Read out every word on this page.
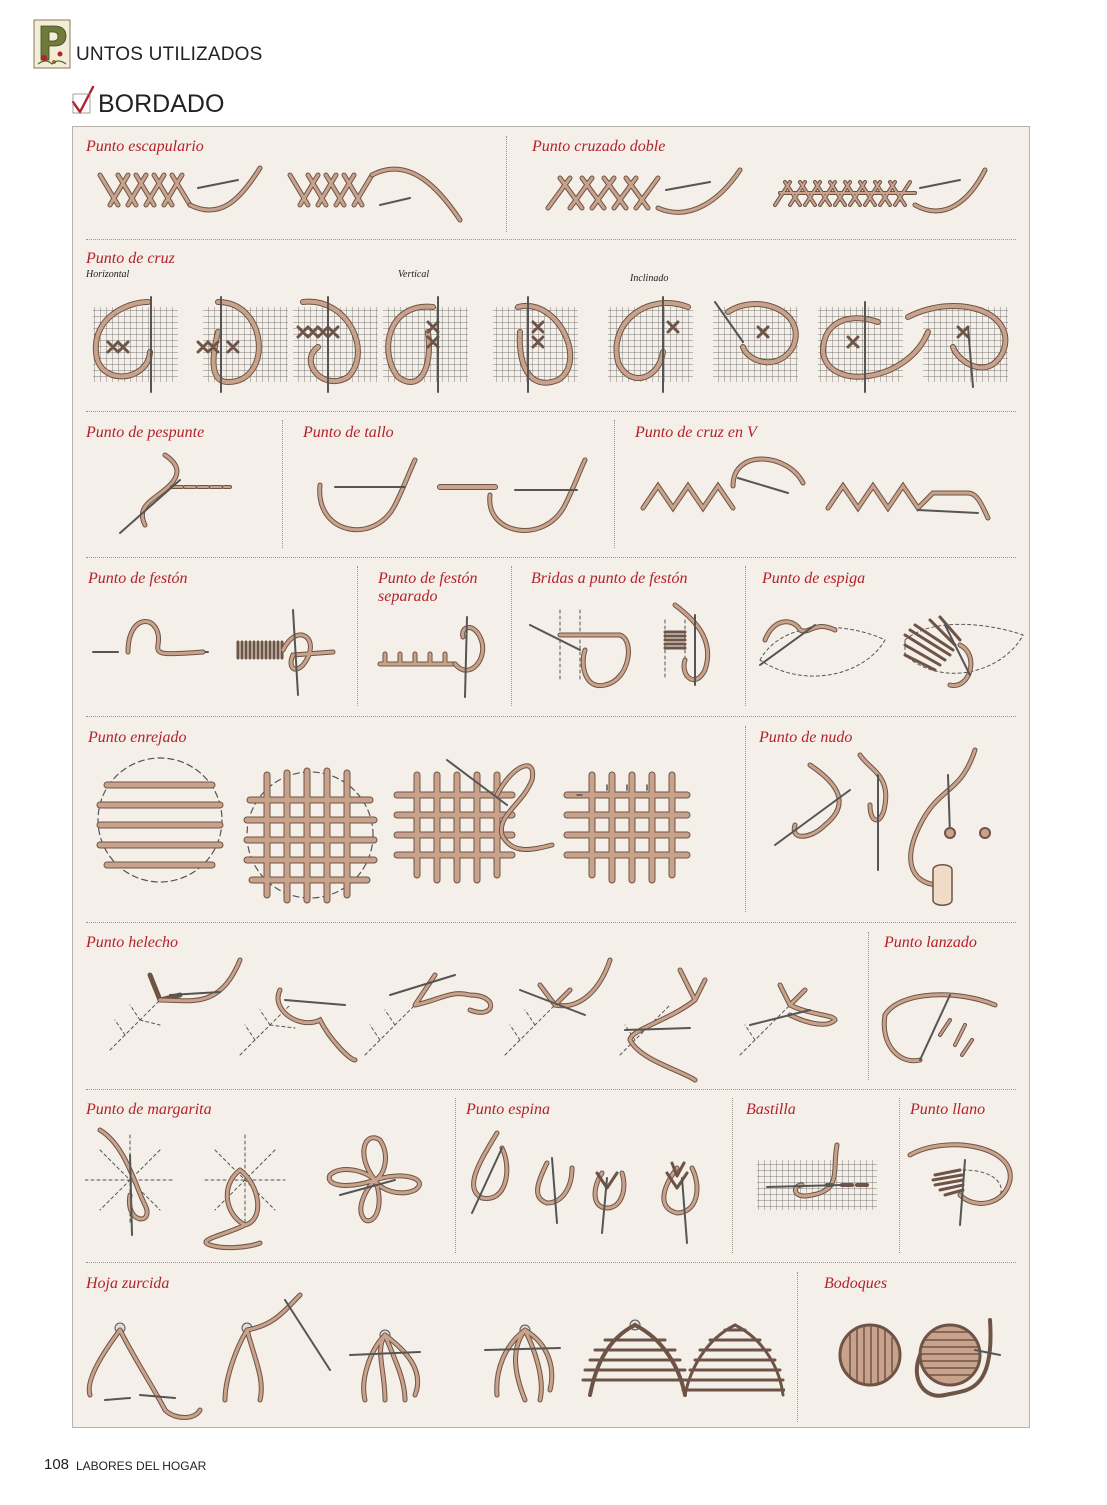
UNTOS UTILIZADOS
BORDADO
Punto escapulario	Punto cruzado doble
Punto de cruz
Horizontal	Vertical	Inclinado
Punto de pespunte	Punto de tallo	Punto de cruz en V
Punto de festón	Punto de festón
separado
Bridas a punto de festón	Punto de espiga
Punto enrejado	Punto de nudo
Punto helecho	Punto lanzado
Punto de margarita	Punto espina	Bastilla	Punto llano
Hoja zurcida	Bodoques
108 LABORES DEL HOGAR
